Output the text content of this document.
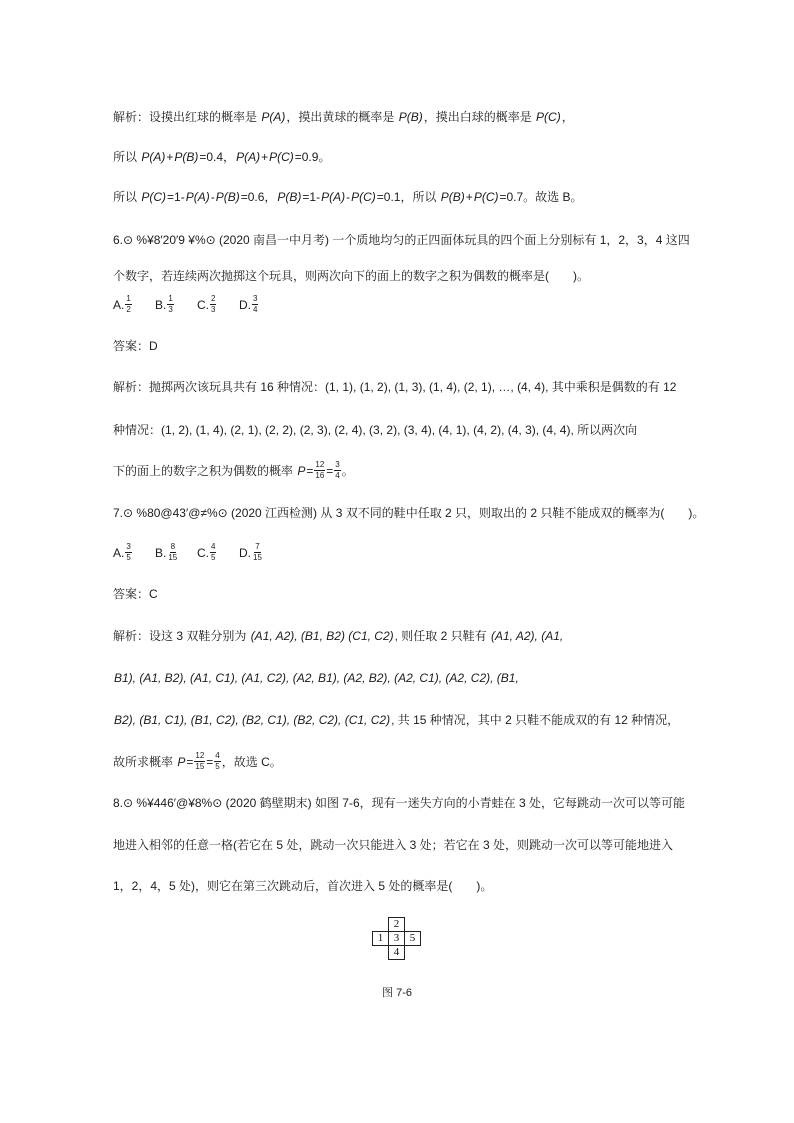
解析：设摸出红球的概率是 P(A)，摸出黄球的概率是 P(B)，摸出白球的概率是 P(C)，
所以 P(A)+P(B)=0.4，P(A)+P(C)=0.9。
所以 P(C)=1-P(A)-P(B)=0.6，P(B)=1-P(A)-P(C)=0.1，所以 P(B)+P(C)=0.7。故选 B。
6.⊙ %¥8′20′9 ¥%⊙ (2020 南昌一中月考) 一个质地均匀的正四面体玩具的四个面上分别标有 1，2，3，4 这四
个数字，若连续两次抛掷这个玩具，则两次向下的面上的数字之积为偶数的概率是(　　)。
A. $\frac{1}{2} B$. $\frac{1}{3} C$. $\frac{2}{3} D$. $\frac{3}{4}$
答案：D
解析：抛掷两次该玩具共有 16 种情况：(1, 1), (1, 2), (1, 3), (1, 4), (2, 1), …, (4, 4), 其中乘积是偶数的有 12
种情况：(1, 2), (1, 4), (2, 1), (2, 2), (2, 3), (2, 4), (3, 2), (3, 4), (4, 1), (4, 2), (4, 3), (4, 4), 所以两次向
下的面上的数字之积为偶数的概率 $P= \frac{12}{16} = \frac{3}{4}$ 。
7.⊙ %80@43′@≠%⊙ (2020 江西检测) 从 3 双不同的鞋中任取 2 只，则取出的 2 只鞋不能成双的概率为(　　)。
A. $\frac{3}{5} B$. $\frac{8}{15} C$. $\frac{4}{5} D$. $\frac{7}{15}$
答案：C
解析：设这 3 双鞋分别为 (A1, A2), (B1, B2) (C1, C2), 则任取 2 只鞋有 (A1, A2), (A1,
B1), (A1, B2), (A1, C1), (A1, C2), (A2, B1), (A2, B2), (A2, C1), (A2, C2), (B1,
B2), (B1, C1), (B1, C2), (B2, C1), (B2, C2), (C1, C2), 共 15 种情况，其中 2 只鞋不能成双的有 12 种情况，
故所求概率 $P= \frac{12}{15} = \frac{4}{5}$ ，故选 C。
8.⊙ %¥446′@¥8%⊙ (2020 鹤壁期末) 如图 7-6，现有一迷失方向的小青蛙在 3 处，它每跳动一次可以等可能
地进入相邻的任意一格(若它在 5 处，跳动一次只能进入 3 处；若它在 3 处，则跳动一次可以等可能地进入
1，2，4，5 处)，则它在第三次跳动后，首次进入 5 处的概率是(　　)。
2
1 3 5
4
图 7-6
